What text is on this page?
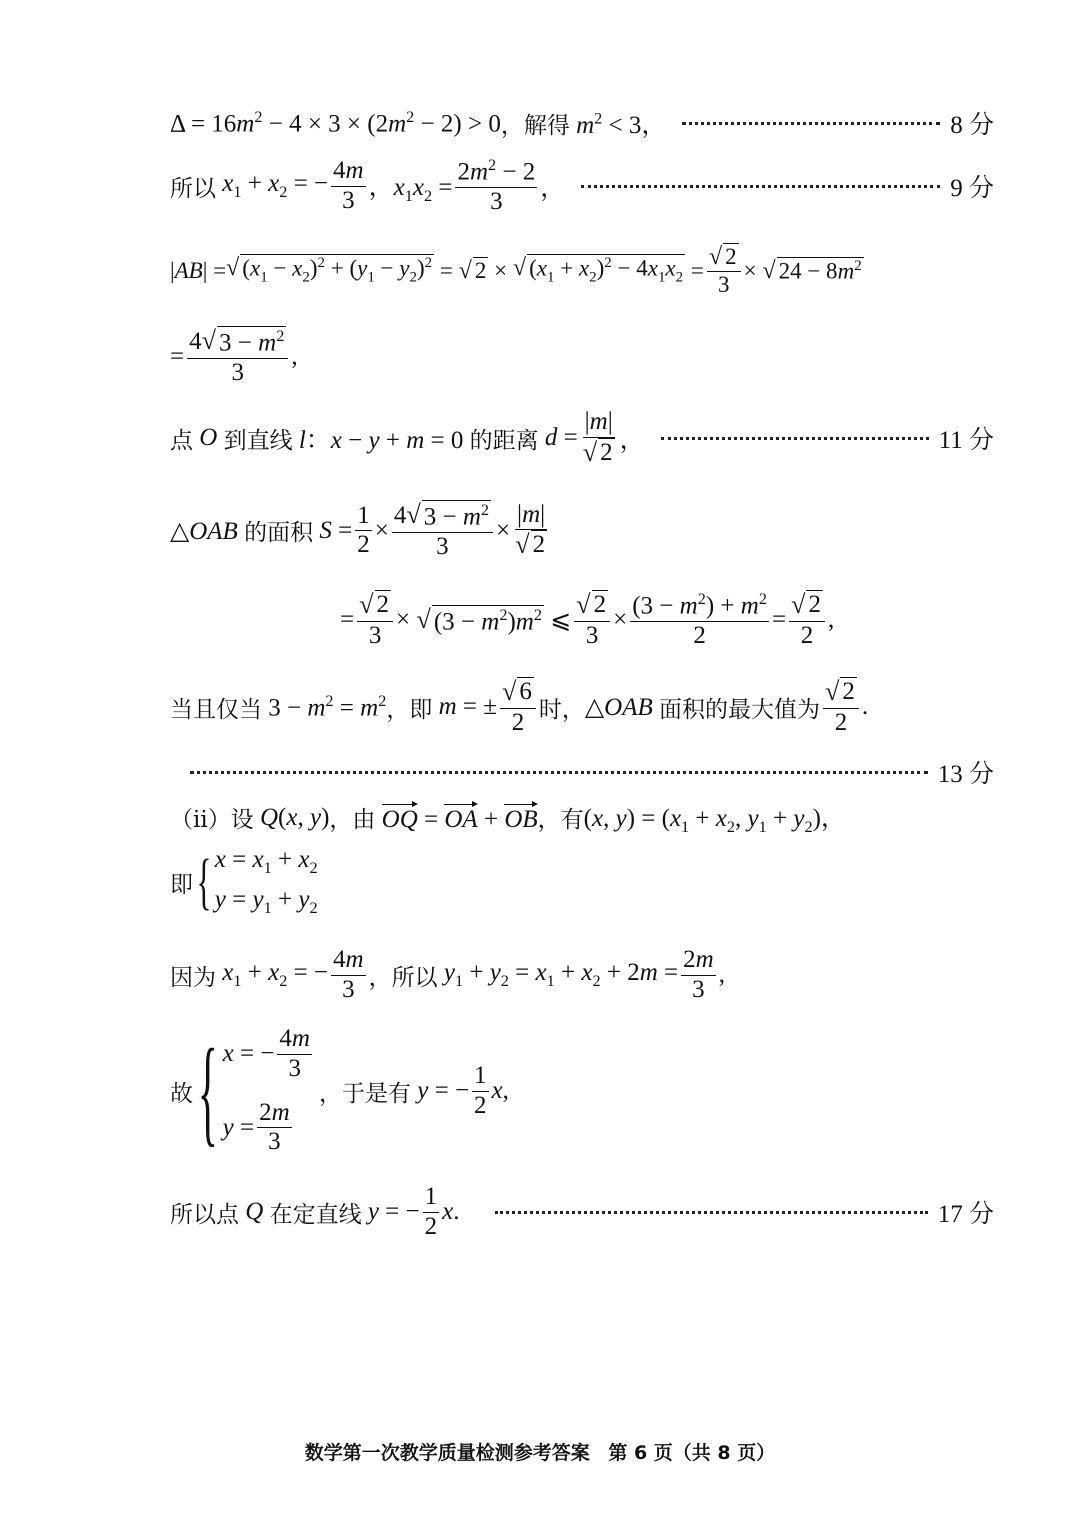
$\Delta = 16m^2 - 4 \times 3 \times (2m^2 - 2) > 0$ ，解得 $m^2 < 3$，	8 分
所以 $x_1 + x_2$ = − $\frac{4m}{3}$ ，$x_1x_2 = \frac{2m^2 - 2}{3}$ ，	9 分
|AB| = √ $(x_1 - x_2)^2 + (y_1 - y_2)^2$ = √ 2 × √ $(x_1 + x_2)^2 - 4x_1x_2 = \frac{√ 2}{3}$ × √ $24 - 8m^2$
= $\frac{4 √ 3 - m^2}{3}$ ,
点 O 到直线 l：x − y + m = 0 的距离 $d = \frac{|m|}{√ 2}$ ，	11 分
△OAB 的面积 $S = \frac{1}{2} \times \frac{4 √ 3 - m^2}{3} \times \frac{|m|}{√ 2}$
= $\frac{√ 2}{3}$ × √ $(3 - m^2)m^2$ ⩽ $\frac{√ 2}{3} \times \frac{(3 - m^2) + m^2}{2} = \frac{√ 2}{2}$ ,
当且仅当 $3 - m^2 = m^2$ ，即 m = ± $\frac{√ 6}{2}$ 时， △OAB 面积的最大值为 $\frac{√ 2}{2}$ .
13 分
（ⅱ）设 Q(x, y) ，由 OQ = OA + OB ，有 (x, $y) = (x_1 + x_2$, $y_1 + y_2$)，
即 { $x = x_1 + x_2$
$y = y_1 + y_2$
因为 $x_1 + x_2$ = − $\frac{4m}{3}$ ，所以 $y_1 + y_2 = x_1 + x_2 + 2m = \frac{2m}{3}$ ,
故 { x = − $\frac{4m}{3}$
$y = \frac{2m}{3}$
，于是有 y = − $\frac{1}{2} x$,
所以点 Q 在定直线 y = − $\frac{1}{2} x$.	17 分
数学第一次教学质量检测参考答案 第 6 页（共 8 页）
